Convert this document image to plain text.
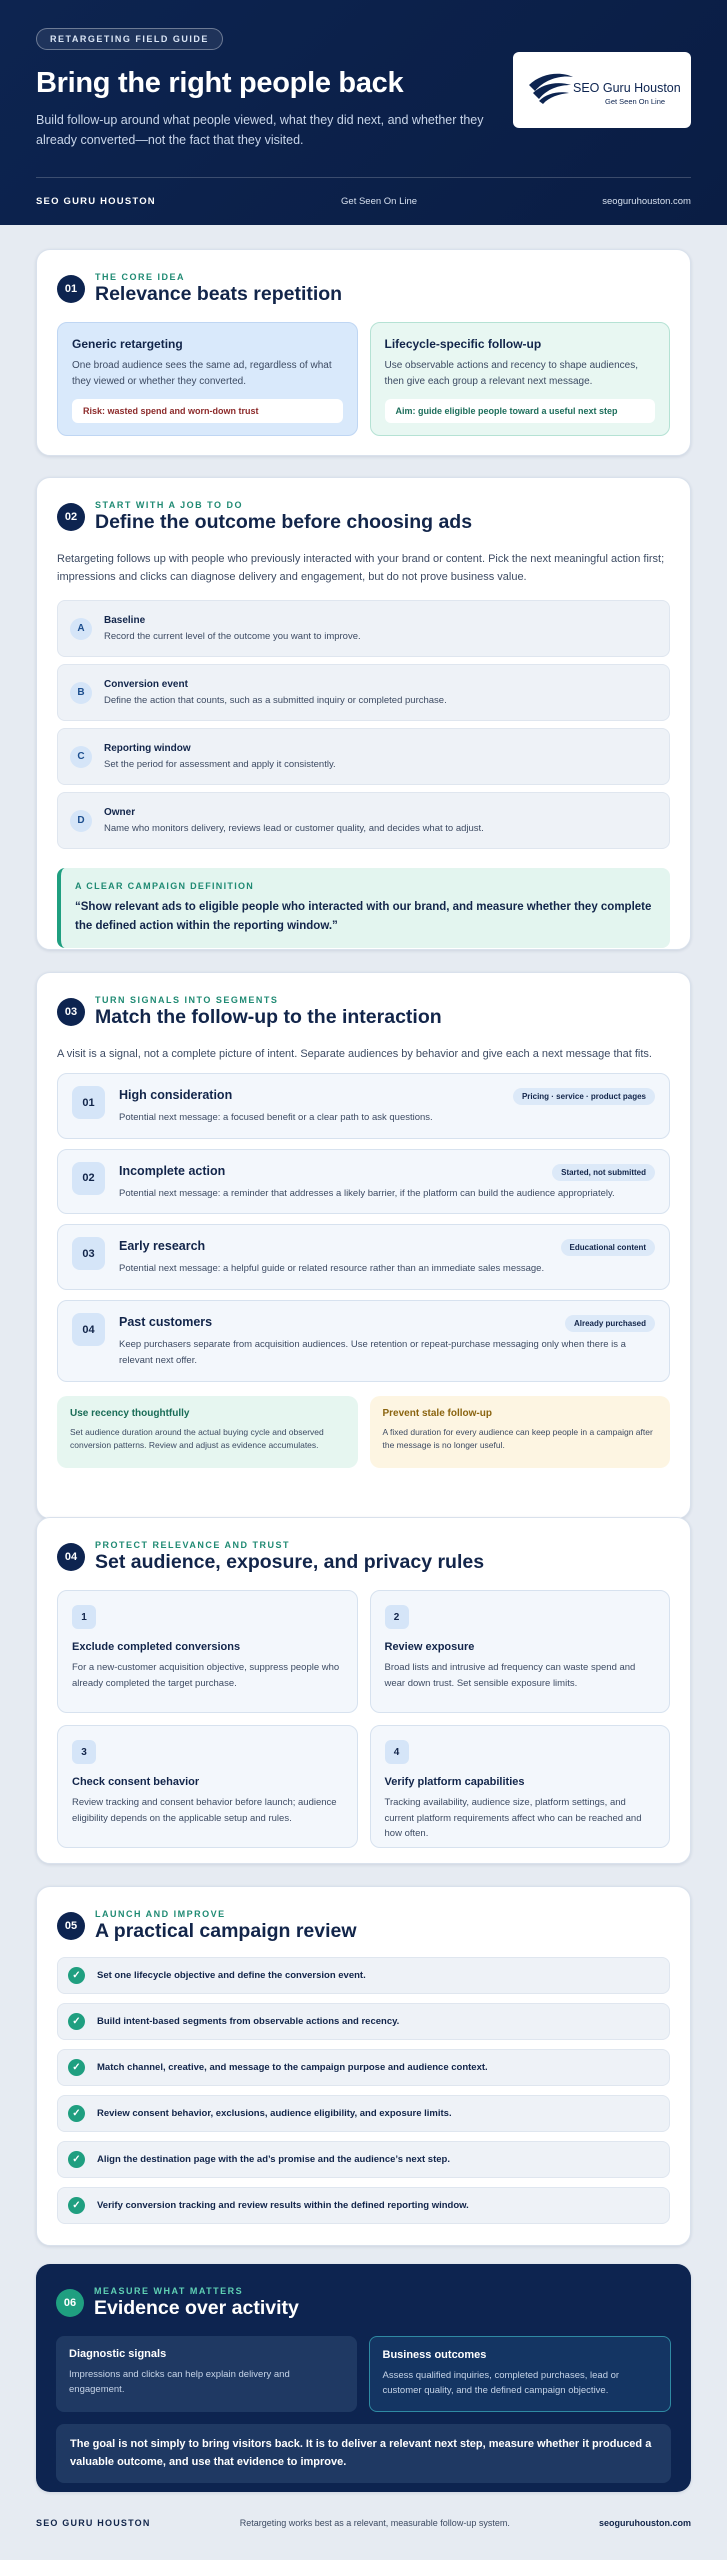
RETARGETING FIELD GUIDE
Bring the right people back

Build follow-up around what people viewed, what they did next, and whether they already converted—not the fact that they visited.

SEO Guru Houston
Get Seen On Line
SEO GURU HOUSTON	Get Seen On Line	seoguruhouston.com
01
THE CORE IDEA
Relevance beats repetition
Generic retargeting

One broad audience sees the same ad, regardless of what they viewed or whether they converted.

Risk: wasted spend and worn-down trust
Lifecycle-specific follow-up

Use observable actions and recency to shape audiences, then give each group a relevant next message.

Aim: guide eligible people toward a useful next step
02
START WITH A JOB TO DO
Define the outcome before choosing ads

Retargeting follows up with people who previously interacted with your brand or content. Pick the next meaningful action first; impressions and clicks can diagnose delivery and engagement, but do not prove business value.

A
Baseline

Record the current level of the outcome you want to improve.

B
Conversion event

Define the action that counts, such as a submitted inquiry or completed purchase.

C
Reporting window

Set the period for assessment and apply it consistently.

D
Owner

Name who monitors delivery, reviews lead or customer quality, and decides what to adjust.

A CLEAR CAMPAIGN DEFINITION
“Show relevant ads to eligible people who interacted with our brand, and measure whether they complete the defined action within the reporting window.”
03
TURN SIGNALS INTO SEGMENTS
Match the follow-up to the interaction

A visit is a signal, not a complete picture of intent. Separate audiences by behavior and give each a next message that fits.

01
High consideration

Potential next message: a focused benefit or a clear path to ask questions.

Pricing · service · product pages
02
Incomplete action

Potential next message: a reminder that addresses a likely barrier, if the platform can build the audience appropriately.

Started, not submitted
03
Early research

Potential next message: a helpful guide or related resource rather than an immediate sales message.

Educational content
04
Past customers

Keep purchasers separate from acquisition audiences. Use retention or repeat-purchase messaging only when there is a relevant next offer.

Already purchased
Use recency thoughtfully

Set audience duration around the actual buying cycle and observed conversion patterns. Review and adjust as evidence accumulates.

Prevent stale follow-up

A fixed duration for every audience can keep people in a campaign after the message is no longer useful.

04
PROTECT RELEVANCE AND TRUST
Set audience, exposure, and privacy rules
1
Exclude completed conversions

For a new-customer acquisition objective, suppress people who already completed the target purchase.

2
Review exposure

Broad lists and intrusive ad frequency can waste spend and wear down trust. Set sensible exposure limits.

3
Check consent behavior

Review tracking and consent behavior before launch; audience eligibility depends on the applicable setup and rules.

4
Verify platform capabilities

Tracking availability, audience size, platform settings, and current platform requirements affect who can be reached and how often.

05
LAUNCH AND IMPROVE
A practical campaign review
✓	Set one lifecycle objective and define the conversion event.
✓	Build intent-based segments from observable actions and recency.
✓	Match channel, creative, and message to the campaign purpose and audience context.
✓	Review consent behavior, exclusions, audience eligibility, and exposure limits.
✓	Align the destination page with the ad’s promise and the audience’s next step.
✓	Verify conversion tracking and review results within the defined reporting window.
06
MEASURE WHAT MATTERS
Evidence over activity
Diagnostic signals

Impressions and clicks can help explain delivery and engagement.

Business outcomes

Assess qualified inquiries, completed purchases, lead or customer quality, and the defined campaign objective.

The goal is not simply to bring visitors back. It is to deliver a relevant next step, measure whether it produced a valuable outcome, and use that evidence to improve.
SEO GURU HOUSTON	Retargeting works best as a relevant, measurable follow-up system.	seoguruhouston.com
